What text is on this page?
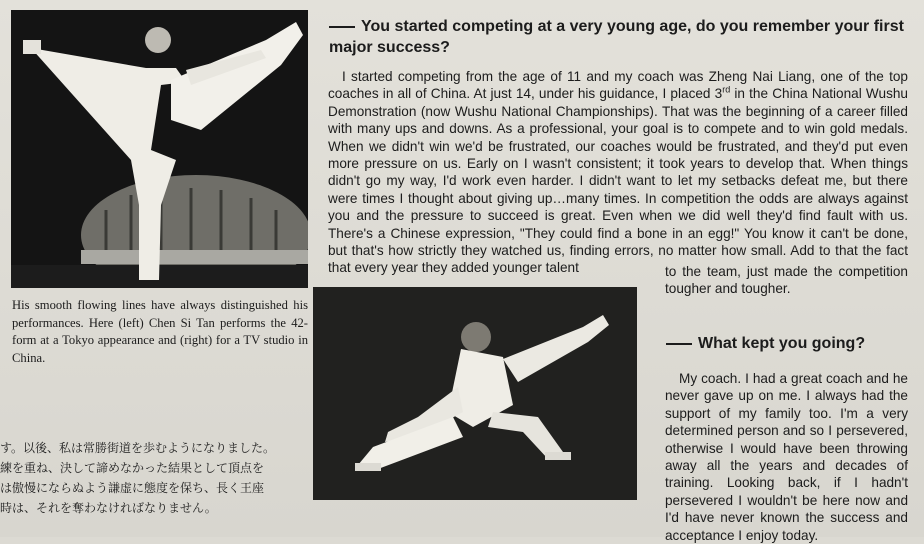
His smooth flowing lines have always distinguished his performances. Here (left) Chen Si Tan performs the 42-form at a Tokyo appearance and (right) for a TV studio in China.

す。以後、私は常勝街道を歩むようになりました。
練を重ね、決して諦めなかった結果として頂点を
は傲慢にならぬよう謙虚に態度を保ち、長く王座
時は、それを奪わなければなりません。
You started competing at a very young age, do you remember your first major success?

I started competing from the age of 11 and my coach was Zheng Nai Liang, one of the top coaches in all of China. At just 14, under his guidance, I placed 3rd in the China National Wushu Demonstration (now Wushu National Championships). That was the beginning of a career filled with many ups and downs. As a professional, your goal is to compete and to win gold medals. When we didn't win we'd be frustrated, our coaches would be frustrated, and they'd put even more pressure on us. Early on I wasn't consistent; it took years to develop that. When things didn't go my way, I'd work even harder. I didn't want to let my setbacks defeat me, but there were times I thought about giving up…many times. In competition the odds are always against you and the pressure to succeed is great. Even when we did well they'd find fault with us. There's a Chinese expression, "They could find a bone in an egg!" You know it can't be done, but that's how strictly they watched us, finding errors, no matter how small. Add to that the fact that every year they added younger talent	to the team, just made the competition tougher and tougher.

What kept you going?

My coach. I had a great coach and he never gave up on me. I always had the support of my family too. I'm a very determined person and so I persevered, otherwise I would have been throwing away all the years and decades of training. Looking back, if I hadn't persevered I wouldn't be here now and I'd have never known the success and acceptance I enjoy today.
